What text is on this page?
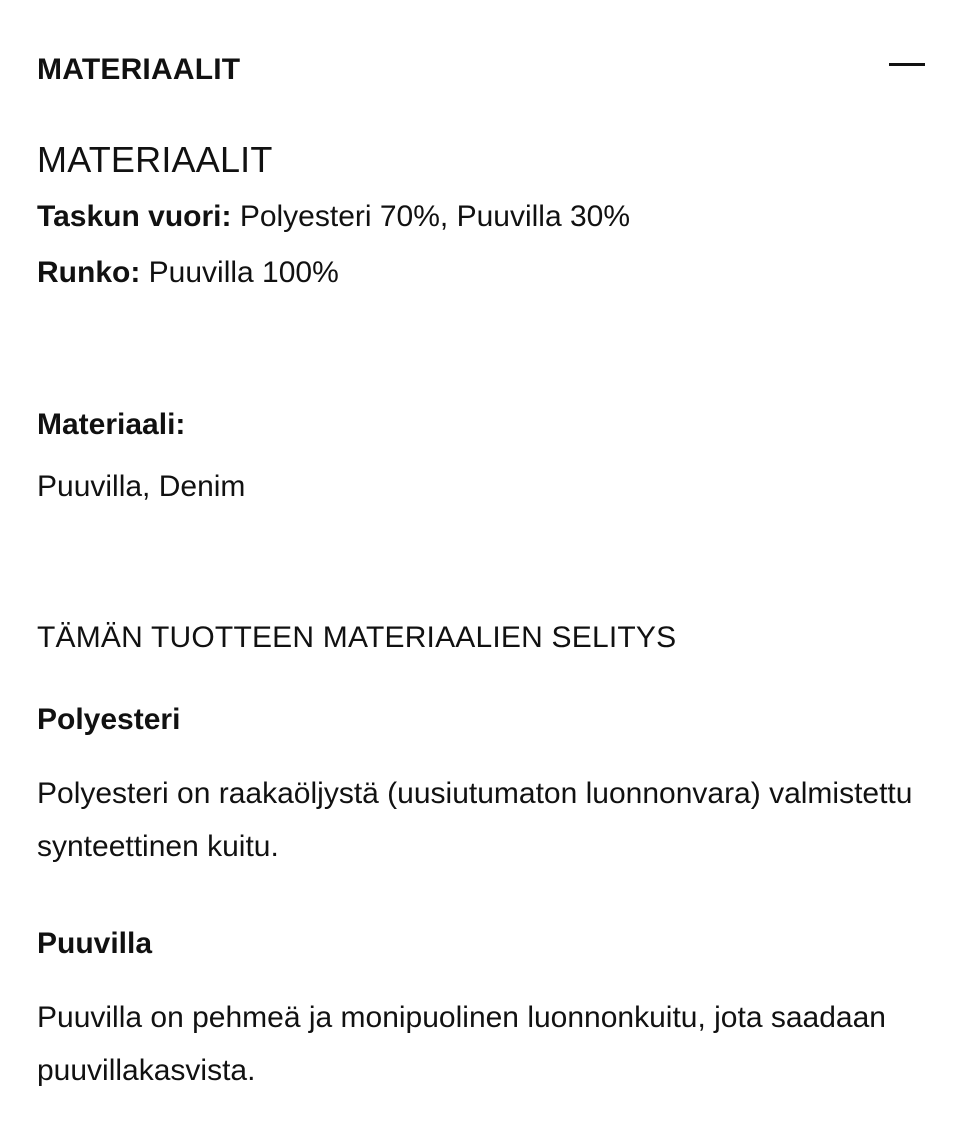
MATERIAALIT
MATERIAALIT
Taskun vuori: Polyesteri 70%, Puuvilla 30%
Runko: Puuvilla 100%
Materiaali:
Puuvilla, Denim
TÄMÄN TUOTTEEN MATERIAALIEN SELITYS
Polyesteri
Polyesteri on raakaöljystä (uusiutumaton luonnonvara) valmistettu synteettinen kuitu.
Puuvilla
Puuvilla on pehmeä ja monipuolinen luonnonkuitu, jota saadaan puuvillakasvista.
